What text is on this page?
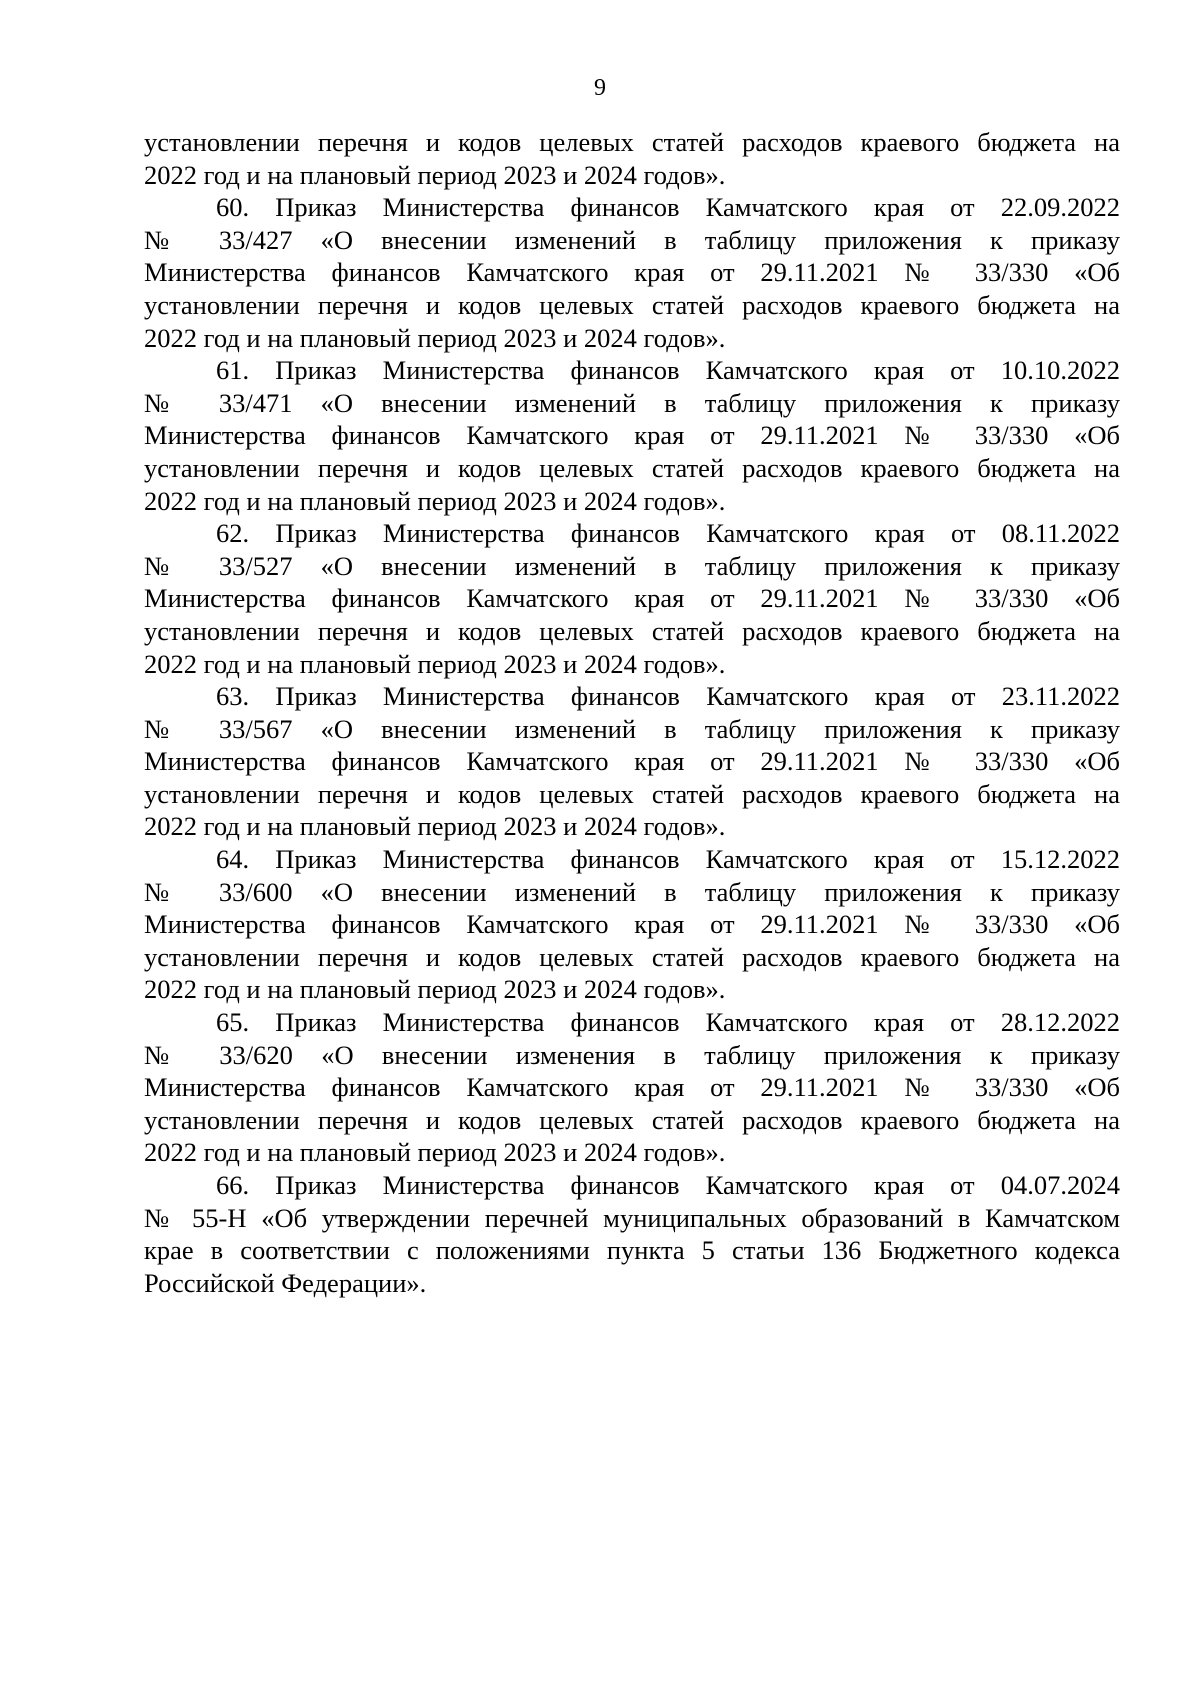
9

установлении перечня и кодов целевых статей расходов краевого бюджета на
2022 год и на плановый период 2023 и 2024 годов».

60. Приказ Министерства финансов Камчатского края от 22.09.2022
№ 33/427 «О внесении изменений в таблицу приложения к приказу
Министерства финансов Камчатского края от 29.11.2021 № 33/330 «Об
установлении перечня и кодов целевых статей расходов краевого бюджета на
2022 год и на плановый период 2023 и 2024 годов».

61. Приказ Министерства финансов Камчатского края от 10.10.2022
№ 33/471 «О внесении изменений в таблицу приложения к приказу
Министерства финансов Камчатского края от 29.11.2021 № 33/330 «Об
установлении перечня и кодов целевых статей расходов краевого бюджета на
2022 год и на плановый период 2023 и 2024 годов».

62. Приказ Министерства финансов Камчатского края от 08.11.2022
№ 33/527 «О внесении изменений в таблицу приложения к приказу
Министерства финансов Камчатского края от 29.11.2021 № 33/330 «Об
установлении перечня и кодов целевых статей расходов краевого бюджета на
2022 год и на плановый период 2023 и 2024 годов».

63. Приказ Министерства финансов Камчатского края от 23.11.2022
№ 33/567 «О внесении изменений в таблицу приложения к приказу
Министерства финансов Камчатского края от 29.11.2021 № 33/330 «Об
установлении перечня и кодов целевых статей расходов краевого бюджета на
2022 год и на плановый период 2023 и 2024 годов».

64. Приказ Министерства финансов Камчатского края от 15.12.2022
№ 33/600 «О внесении изменений в таблицу приложения к приказу
Министерства финансов Камчатского края от 29.11.2021 № 33/330 «Об
установлении перечня и кодов целевых статей расходов краевого бюджета на
2022 год и на плановый период 2023 и 2024 годов».

65. Приказ Министерства финансов Камчатского края от 28.12.2022
№ 33/620 «О внесении изменения в таблицу приложения к приказу
Министерства финансов Камчатского края от 29.11.2021 № 33/330 «Об
установлении перечня и кодов целевых статей расходов краевого бюджета на
2022 год и на плановый период 2023 и 2024 годов».

66. Приказ Министерства финансов Камчатского края от 04.07.2024
№ 55-Н «Об утверждении перечней муниципальных образований в Камчатском
крае в соответствии с положениями пункта 5 статьи 136 Бюджетного кодекса
Российской Федерации».
